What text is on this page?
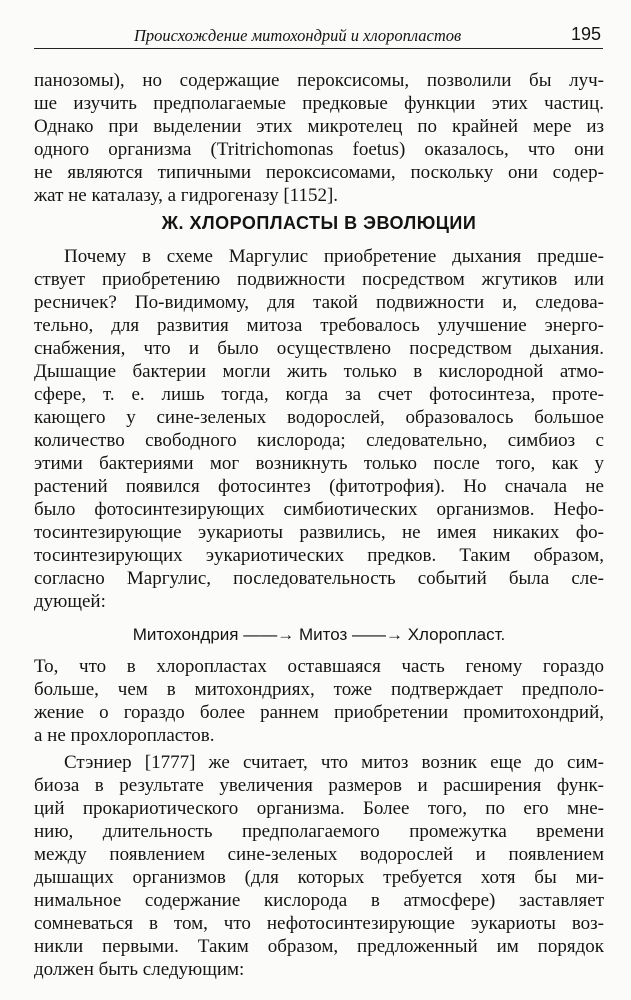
Происхождение митохондрий и хлоропластов	195
панозомы), но содержащие пероксисомы, позволили бы луч-
ше изучить предполагаемые предковые функции этих частиц.
Однако при выделении этих микротелец по крайней мере из
одного организма (Tritrichomonas foetus) оказалось, что они
не являются типичными пероксисомами, поскольку они содер-
жат не каталазу, а гидрогеназу [1152].
Ж. ХЛОРОПЛАСТЫ В ЭВОЛЮЦИИ
Почему в схеме Маргулис приобретение дыхания предше-
ствует приобретению подвижности посредством жгутиков или
ресничек? По-видимому, для такой подвижности и, следова-
тельно, для развития митоза требовалось улучшение энерго-
снабжения, что и было осуществлено посредством дыхания.
Дышащие бактерии могли жить только в кислородной атмо-
сфере, т. е. лишь тогда, когда за счет фотосинтеза, проте-
кающего у сине-зеленых водорослей, образовалось большое
количество свободного кислорода; следовательно, симбиоз с
этими бактериями мог возникнуть только после того, как у
растений появился фотосинтез (фитотрофия). Но сначала не
было фотосинтезирующих симбиотических организмов. Нефо-
тосинтезирующие эукариоты развились, не имея никаких фо-
тосинтезирующих эукариотических предков. Таким образом,
согласно Маргулис, последовательность событий была сле-
дующей:
Митохондрия ——→ Митоз ——→ Хлоропласт.
То, что в хлоропластах оставшаяся часть геному гораздо
больше, чем в митохондриях, тоже подтверждает предполо-
жение о гораздо более раннем приобретении промитохондрий,
а не прохлоропластов.
Стэниер [1777] же считает, что митоз возник еще до сим-
биоза в результате увеличения размеров и расширения функ-
ций прокариотического организма. Более того, по его мне-
нию, длительность предполагаемого промежутка времени
между появлением сине-зеленых водорослей и появлением
дышащих организмов (для которых требуется хотя бы ми-
нимальное содержание кислорода в атмосфере) заставляет
сомневаться в том, что нефотосинтезирующие эукариоты воз-
никли первыми. Таким образом, предложенный им порядок
должен быть следующим:
